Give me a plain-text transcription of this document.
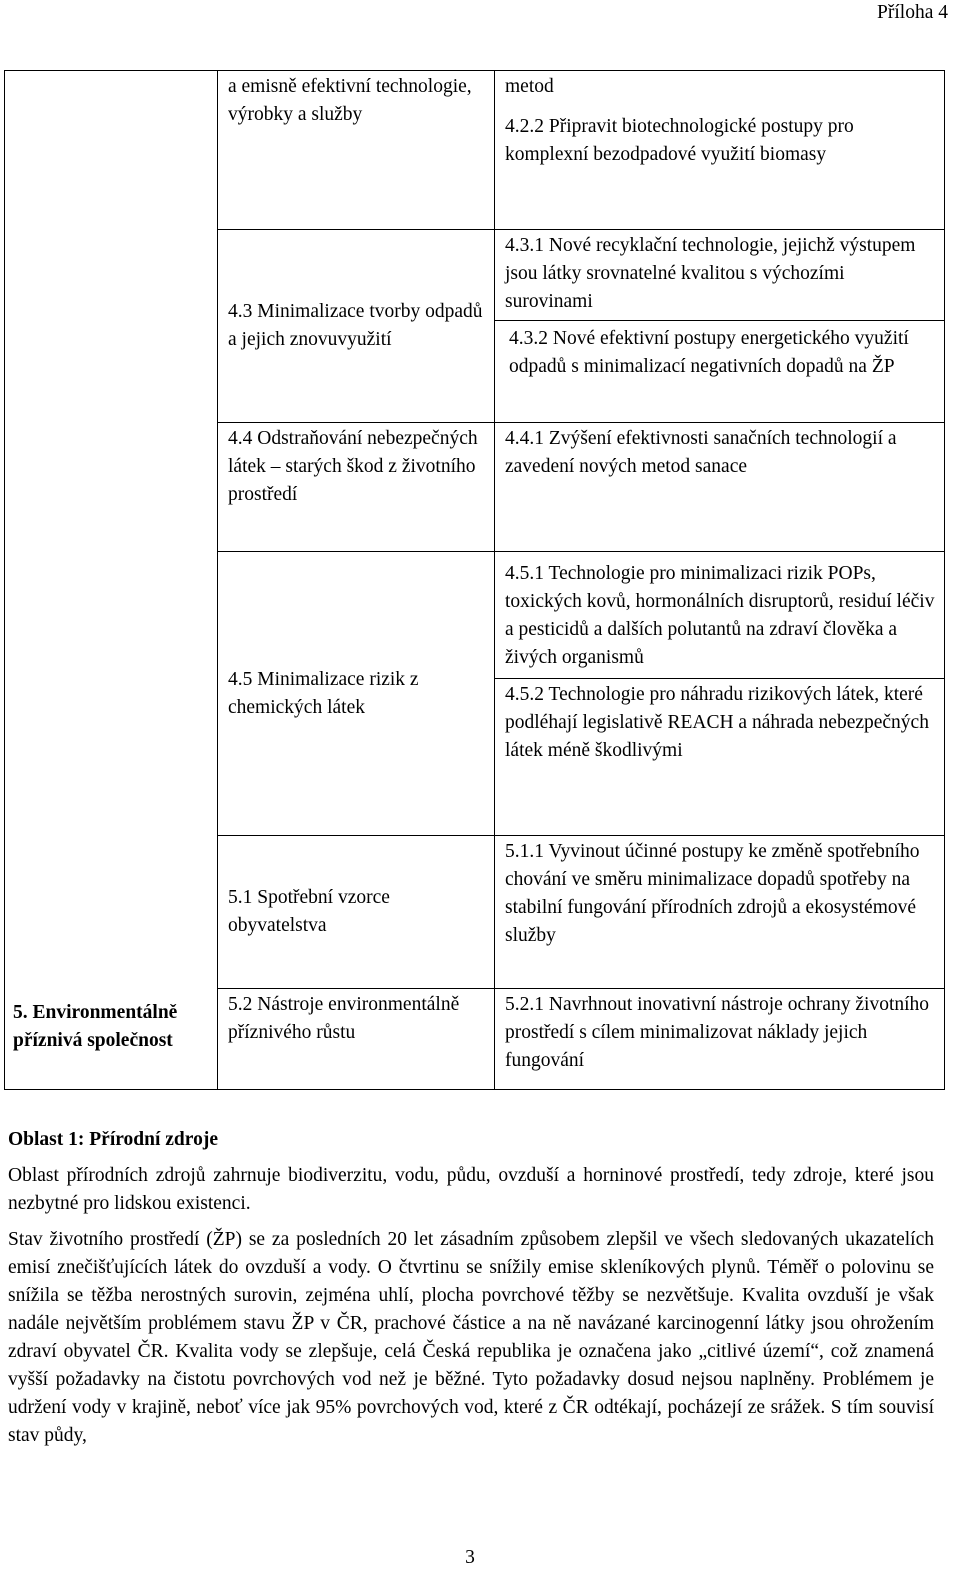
Příloha 4
	a emisně efektivní technologie, výrobky a služby	metod
4.2.2 Připravit biotechnologické postupy pro komplexní bezodpadové využití biomasy

	4.3 Minimalizace tvorby odpadů a jejich znovuvyužití	4.3.1 Nové recyklační technologie, jejichž výstupem jsou látky srovnatelné kvalitou s výchozími surovinami
4.3.2 Nové efektivní postupy energetického využití odpadů s minimalizací negativních dopadů na ŽP

	4.4 Odstraňování nebezpečných látek – starých škod z životního prostředí	4.4.1 Zvýšení efektivnosti sanačních technologií a zavedení nových metod sanace

	4.5 Minimalizace rizik z chemických látek	4.5.1 Technologie pro minimalizaci rizik POPs, toxických kovů, hormonálních disruptorů, residuí léčiv a pesticidů a dalších polutantů na zdraví člověka a živých organismů
4.5.2 Technologie pro náhradu rizikových látek, které podléhají legislativě REACH a náhrada nebezpečných látek méně škodlivými

5. Environmentálně příznivá společnost	5.1 Spotřební vzorce obyvatelstva	5.1.1 Vyvinout účinné postupy ke změně spotřebního chování ve směru minimalizace dopadů spotřeby na stabilní fungování přírodních zdrojů a ekosystémové služby

	5.2 Nástroje environmentálně příznivého růstu	5.2.1 Navrhnout inovativní nástroje ochrany životního prostředí s cílem minimalizovat náklady jejich fungování
Oblast 1: Přírodní zdroje

Oblast přírodních zdrojů zahrnuje biodiverzitu, vodu, půdu, ovzduší a horninové prostředí, tedy zdroje, které jsou nezbytné pro lidskou existenci.

Stav životního prostředí (ŽP) se za posledních 20 let zásadním způsobem zlepšil ve všech sledovaných ukazatelích emisí znečišťujících látek do ovzduší a vody. O čtvrtinu se snížily emise skleníkových plynů. Téměř o polovinu se snížila se těžba nerostných surovin, zejména uhlí, plocha povrchové těžby se nezvětšuje. Kvalita ovzduší je však nadále největším problémem stavu ŽP v ČR, prachové částice a na ně navázané karcinogenní látky jsou ohrožením zdraví obyvatel ČR. Kvalita vody se zlepšuje, celá Česká republika je označena jako „citlivé území“, což znamená vyšší požadavky na čistotu povrchových vod než je běžné. Tyto požadavky dosud nejsou naplněny. Problémem je udržení vody v krajině, neboť více jak 95% povrchových vod, které z ČR odtékají, pocházejí ze srážek. S tím souvisí stav půdy,

3
